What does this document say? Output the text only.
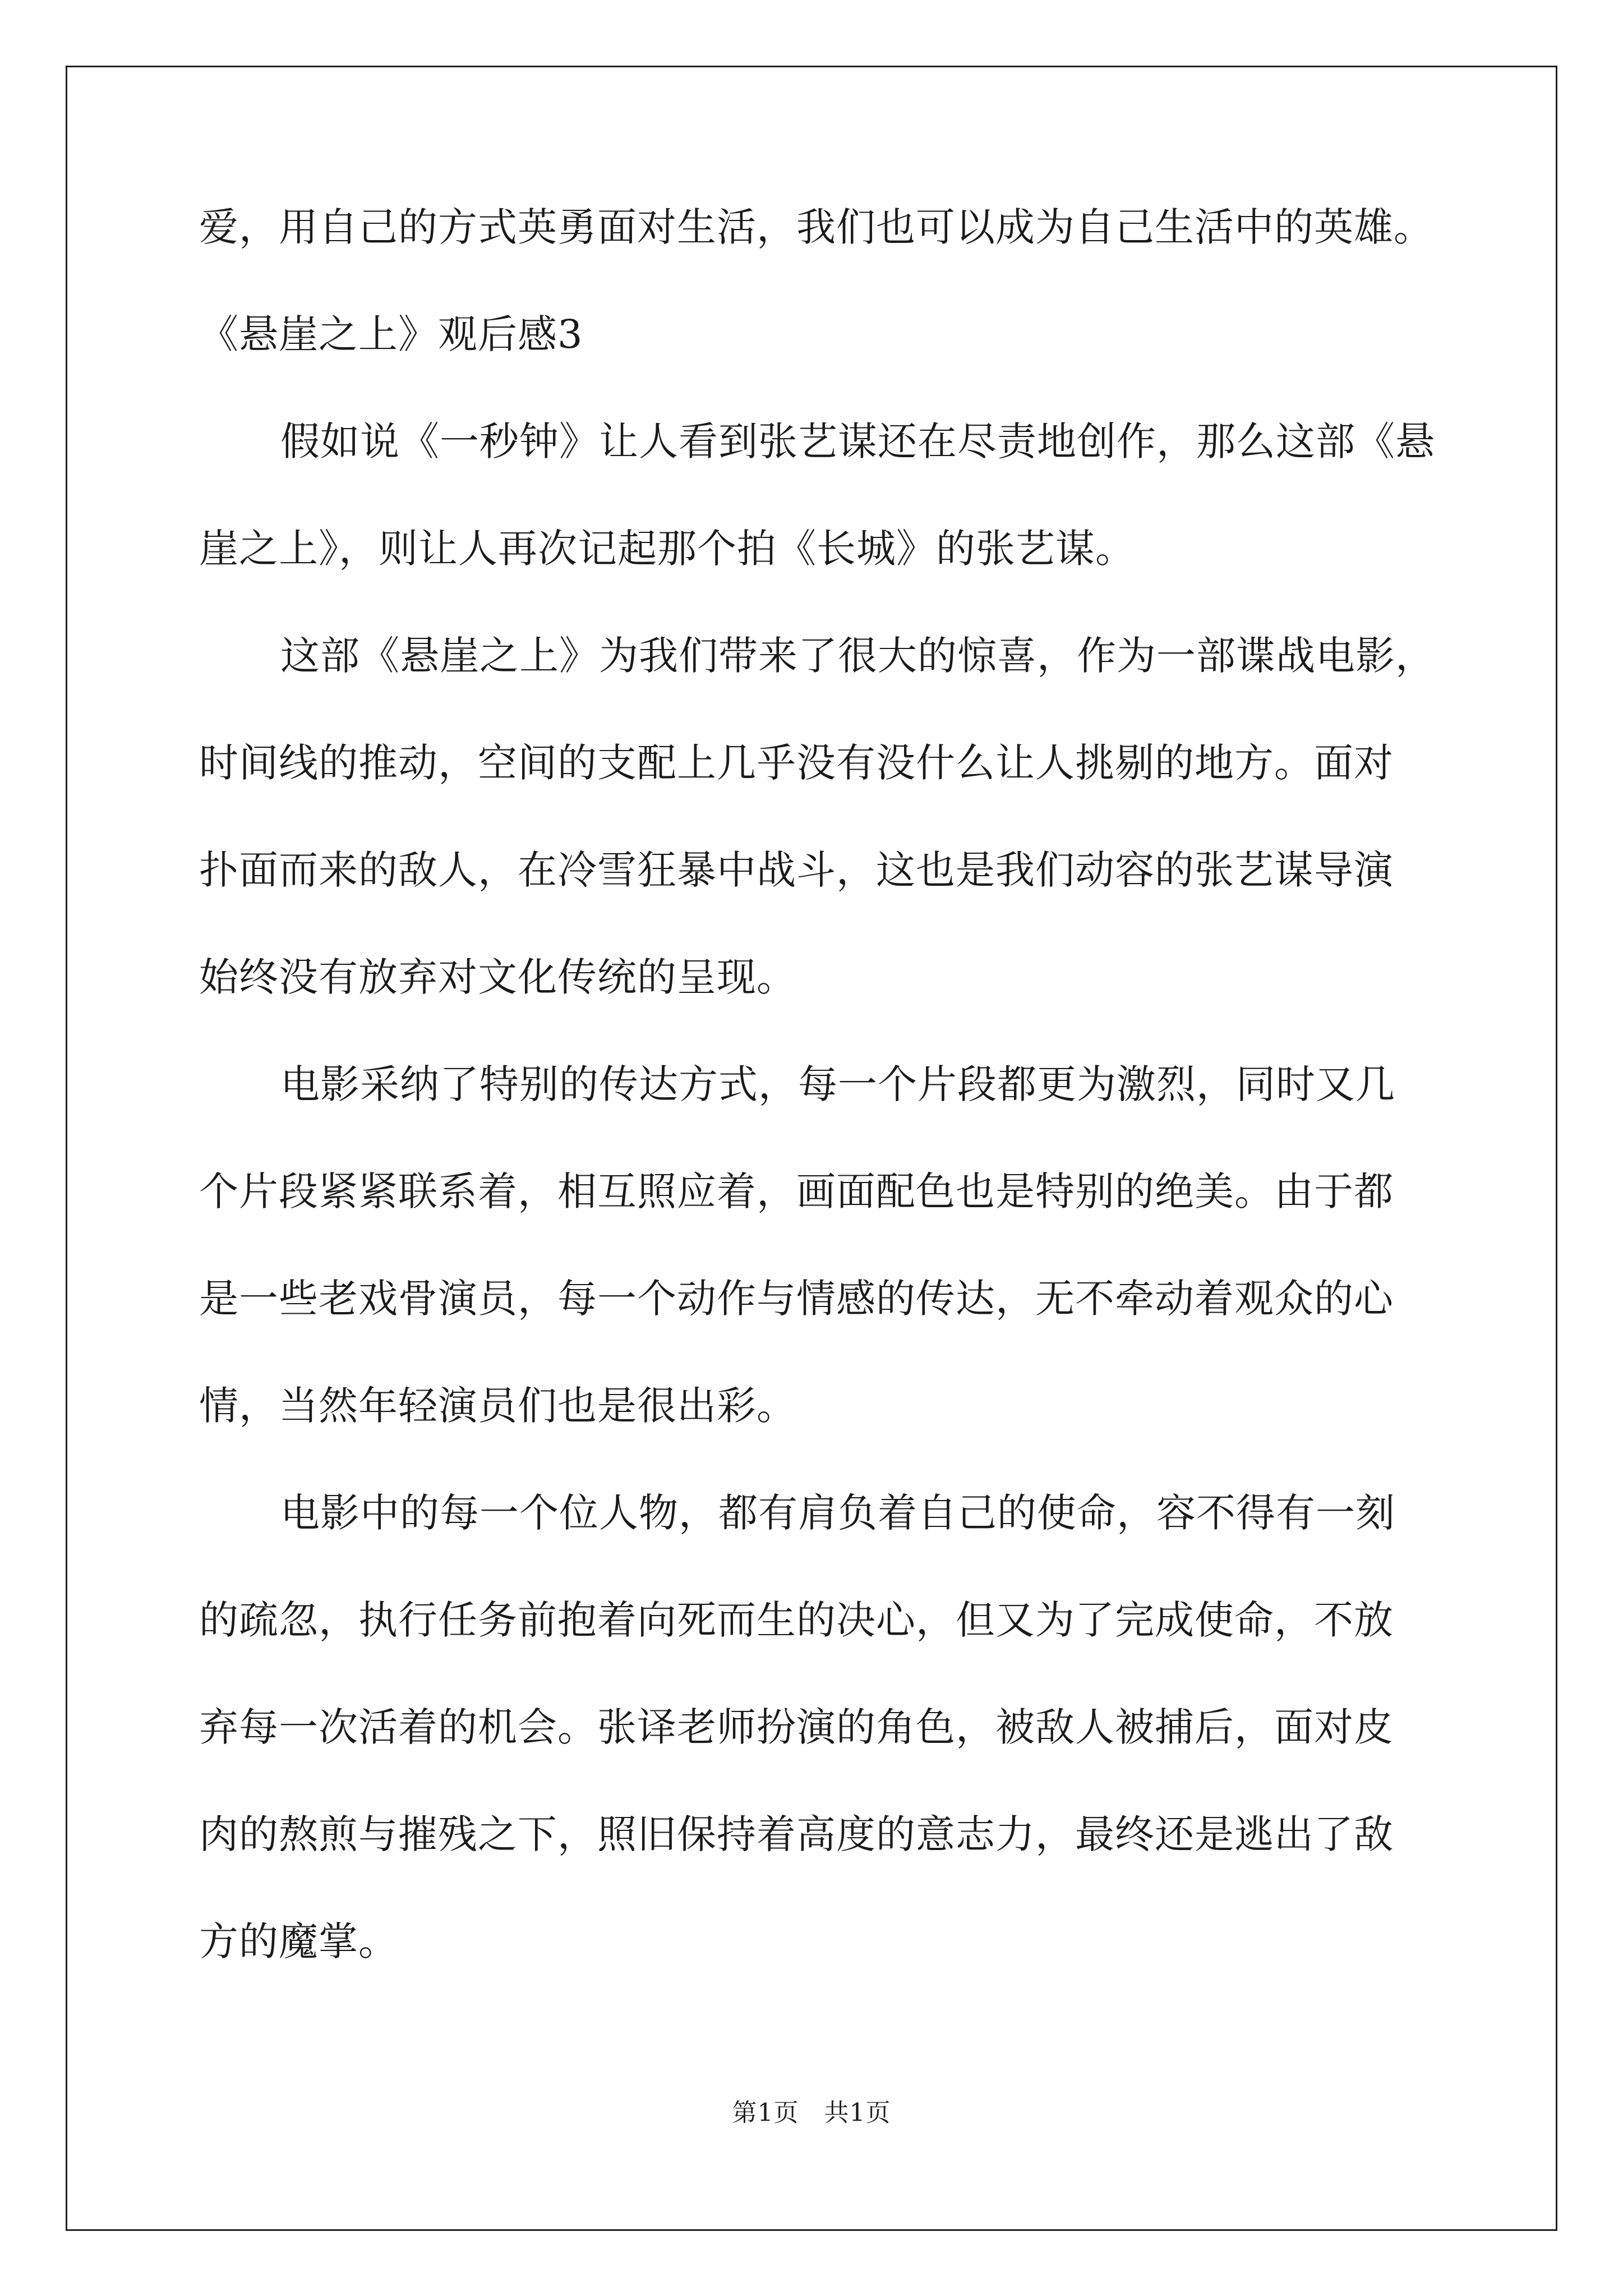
爱，用自己的方式英勇面对生活，我们也可以成为自己生活中的英雄。
《悬崖之上》观后感3
假如说《一秒钟》让人看到张艺谋还在尽责地创作，那么这部《悬
崖之上》，则让人再次记起那个拍《长城》的张艺谋。
这部《悬崖之上》为我们带来了很大的惊喜，作为一部谍战电影，
时间线的推动，空间的支配上几乎没有没什么让人挑剔的地方。面对
扑面而来的敌人，在冷雪狂暴中战斗，这也是我们动容的张艺谋导演
始终没有放弃对文化传统的呈现。
电影采纳了特别的传达方式，每一个片段都更为激烈，同时又几
个片段紧紧联系着，相互照应着，画面配色也是特别的绝美。由于都
是一些老戏骨演员，每一个动作与情感的传达，无不牵动着观众的心
情，当然年轻演员们也是很出彩。
电影中的每一个位人物，都有肩负着自己的使命，容不得有一刻
的疏忽，执行任务前抱着向死而生的决心，但又为了完成使命，不放
弃每一次活着的机会。张译老师扮演的角色，被敌人被捕后，面对皮
肉的熬煎与摧残之下，照旧保持着高度的意志力，最终还是逃出了敌
方的魔掌。
第1页　共1页
